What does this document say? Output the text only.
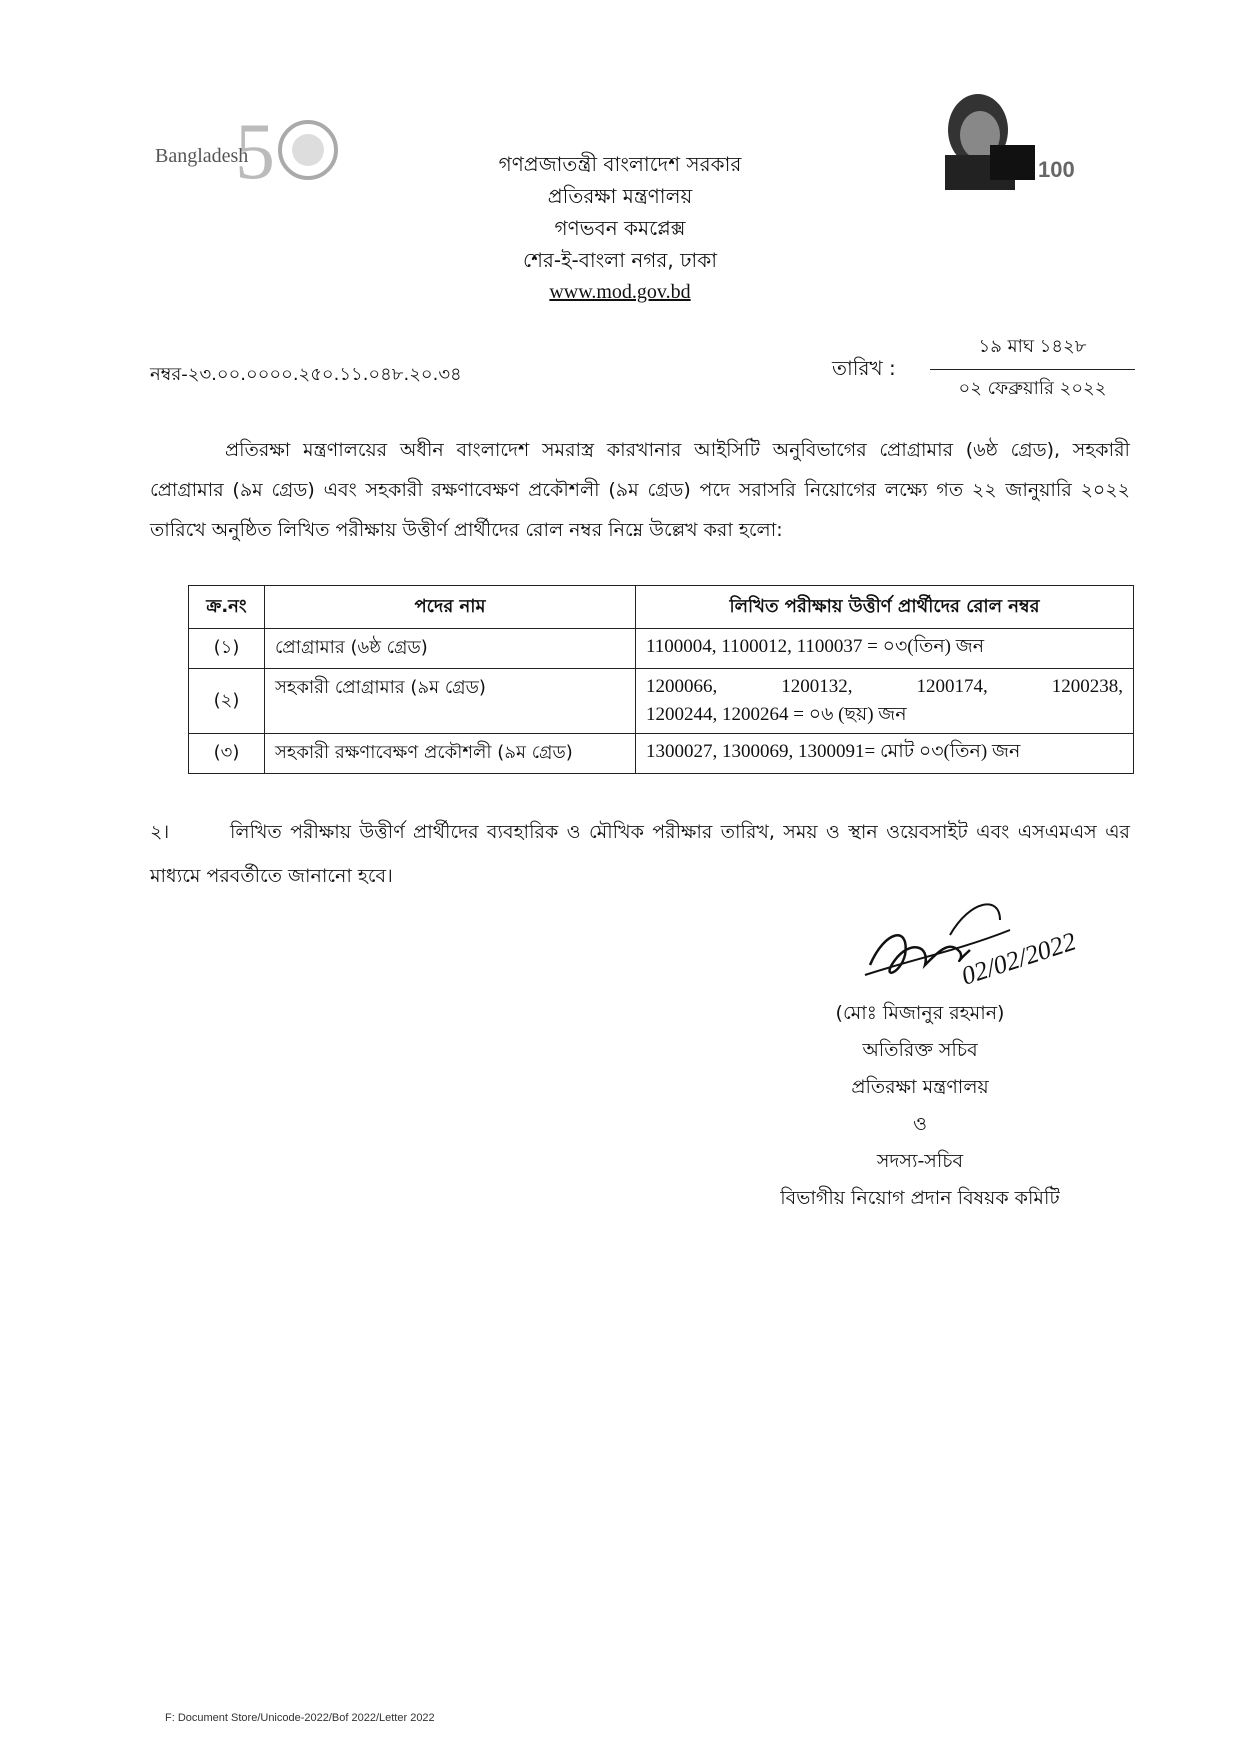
5
Bangladesh
100
গণপ্রজাতন্ত্রী বাংলাদেশ সরকার
প্রতিরক্ষা মন্ত্রণালয়
গণভবন কমপ্লেক্স
শের-ই-বাংলা নগর, ঢাকা
www.mod.gov.bd
নম্বর-২৩.০০.০০০০.২৫০.১১.০৪৮.২০.৩৪	তারিখ :
১৯ মাঘ ১৪২৮
০২ ফেব্রুয়ারি ২০২২
প্রতিরক্ষা মন্ত্রণালয়ের অধীন বাংলাদেশ সমরাস্ত্র কারখানার আইসিটি অনুবিভাগের প্রোগ্রামার (৬ষ্ঠ গ্রেড), সহকারী প্রোগ্রামার (৯ম গ্রেড) এবং সহকারী রক্ষণাবেক্ষণ প্রকৌশলী (৯ম গ্রেড) পদে সরাসরি নিয়োগের লক্ষ্যে গত ২২ জানুয়ারি ২০২২ তারিখে অনুষ্ঠিত লিখিত পরীক্ষায় উত্তীর্ণ প্রার্থীদের রোল নম্বর নিম্নে উল্লেখ করা হলো:
ক্র.নং	পদের নাম	লিখিত পরীক্ষায় উত্তীর্ণ প্রার্থীদের রোল নম্বর
(১)	প্রোগ্রামার (৬ষ্ঠ গ্রেড)	1100004, 1100012, 1100037 = ০৩(তিন) জন
(২)	সহকারী প্রোগ্রামার (৯ম গ্রেড)	1200066, 1200132, 1200174, 1200238,
1200244, 1200264 = ০৬ (ছয়) জন

(৩)	সহকারী রক্ষণাবেক্ষণ প্রকৌশলী (৯ম গ্রেড)	1300027, 1300069, 1300091= মোট ০৩(তিন) জন
২।	লিখিত পরীক্ষায় উত্তীর্ণ প্রার্থীদের ব্যবহারিক ও মৌখিক পরীক্ষার তারিখ, সময় ও স্থান ওয়েবসাইট এবং এসএমএস এর মাধ্যমে পরবর্তীতে জানানো হবে।
02/02/2022
(মোঃ মিজানুর রহমান)
অতিরিক্ত সচিব
প্রতিরক্ষা মন্ত্রণালয়
ও
সদস্য-সচিব
বিভাগীয় নিয়োগ প্রদান বিষয়ক কমিটি
F: Document Store/Unicode-2022/Bof 2022/Letter 2022
